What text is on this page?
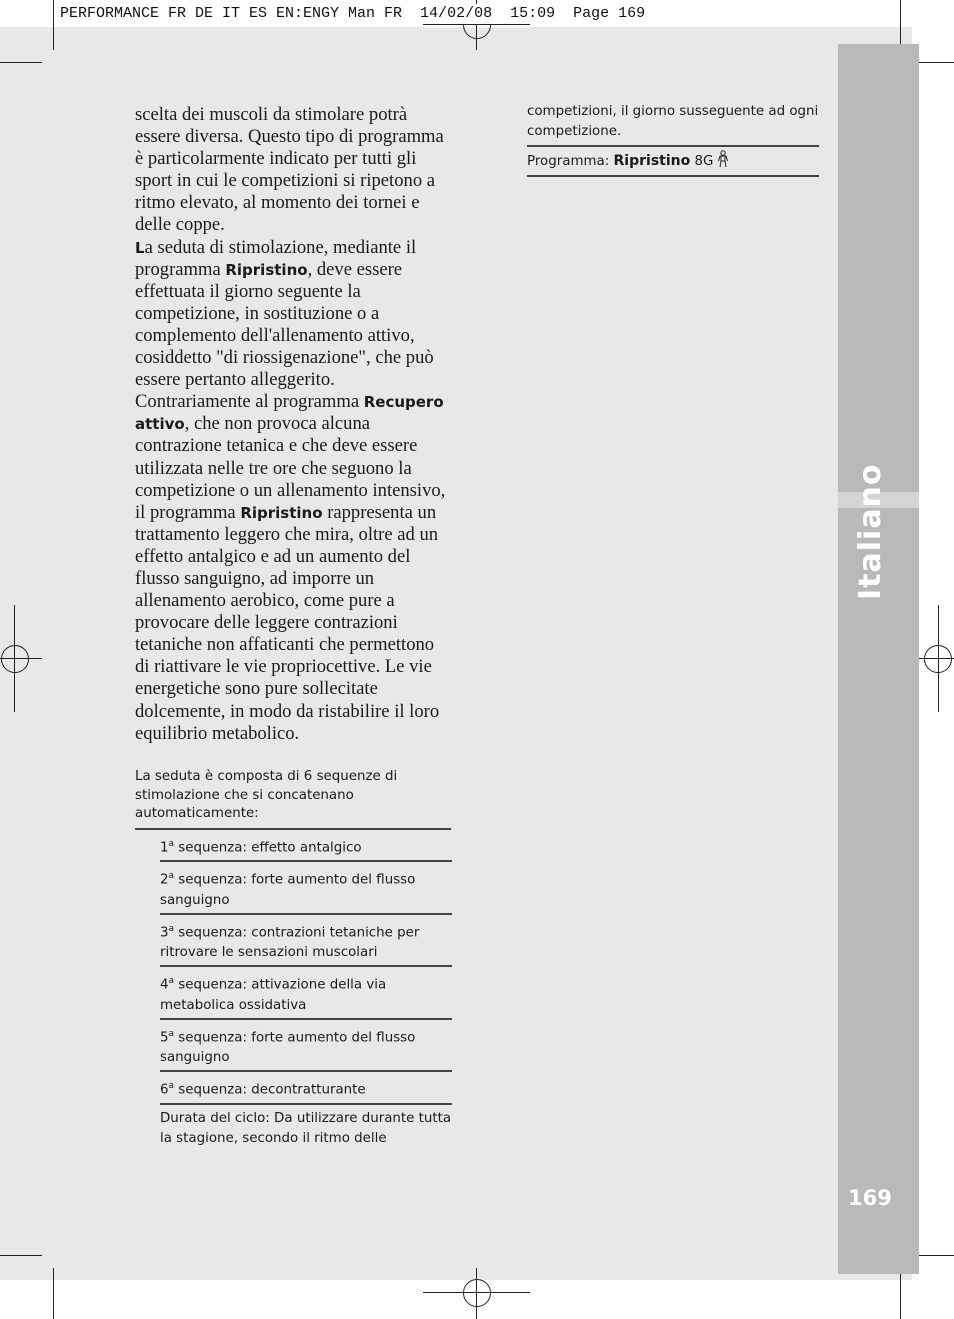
PERFORMANCE FR DE IT ES EN:ENGY Man FR  14/02/08  15:09  Page 169
Italiano
169

scelta dei muscoli da stimolare potrà essere diversa. Questo tipo di programma è particolarmente indicato per tutti gli sport in cui le competizioni si ripetono a ritmo elevato, al momento dei tornei e delle coppe.

La seduta di stimolazione, mediante il programma Ripristino, deve essere effettuata il giorno seguente la competizione, in sostituzione o a complemento dell'allenamento attivo, cosiddetto "di riossigenazione", che può essere pertanto alleggerito. Contrariamente al programma Recupero attivo, che non provoca alcuna contrazione tetanica e che deve essere utilizzata nelle tre ore che seguono la competizione o un allenamento intensivo, il programma Ripristino rappresenta un trattamento leggero che mira, oltre ad un effetto antalgico e ad un aumento del flusso sanguigno, ad imporre un allenamento aerobico, come pure a provocare delle leggere contrazioni tetaniche non affaticanti che permettono di riattivare le vie propriocettive. Le vie energetiche sono pure sollecitate dolcemente, in modo da ristabilire il loro equilibrio metabolico.

La seduta è composta di 6 sequenze di stimolazione che si concatenano automaticamente:
1$^a$ sequenza: effetto antalgico
2$^a$ sequenza: forte aumento del flusso sanguigno
3$^a$ sequenza: contrazioni tetaniche per ritrovare le sensazioni muscolari
4$^a$ sequenza: attivazione della via metabolica ossidativa
5$^a$ sequenza: forte aumento del flusso sanguigno
6$^a$ sequenza: decontratturante
Durata del ciclo: Da utilizzare durante tutta la stagione, secondo il ritmo delle
competizioni, il giorno susseguente ad ogni competizione.
Programma: Ripristino 8G
